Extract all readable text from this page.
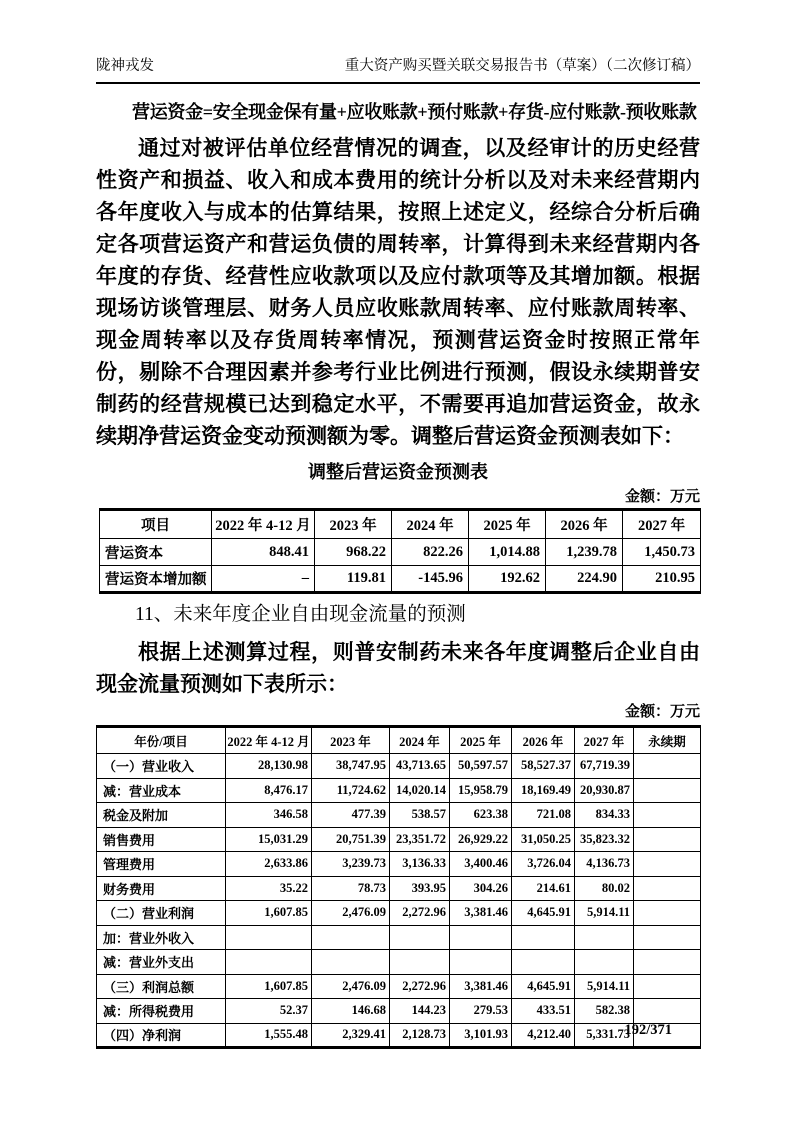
陇神戎发	重大资产购买暨关联交易报告书（草案）（二次修订稿）
营运资金=安全现金保有量+应收账款+预付账款+存货-应付账款-预收账款
通过对被评估单位经营情况的调查，以及经审计的历史经营性资产和损益、收入和成本费用的统计分析以及对未来经营期内各年度收入与成本的估算结果，按照上述定义，经综合分析后确定各项营运资产和营运负债的周转率，计算得到未来经营期内各年度的存货、经营性应收款项以及应付款项等及其增加额。根据现场访谈管理层、财务人员应收账款周转率、应付账款周转率、现金周转率以及存货周转率情况，预测营运资金时按照正常年份，剔除不合理因素并参考行业比例进行预测，假设永续期普安制药的经营规模已达到稳定水平，不需要再追加营运资金，故永续期净营运资金变动预测额为零。调整后营运资金预测表如下：
调整后营运资金预测表
金额：万元
项目	2022 年 4-12 月	2023 年	2024 年	2025 年	2026 年	2027 年
营运资本	848.41	968.22	822.26	1,014.88	1,239.78	1,450.73
营运资本增加额	–	119.81	-145.96	192.62	224.90	210.95
11、未来年度企业自由现金流量的预测
根据上述测算过程，则普安制药未来各年度调整后企业自由现金流量预测如下表所示：
金额：万元
年份/项目	2022 年 4-12 月	2023 年	2024 年	2025 年	2026 年	2027 年	永续期
（一）营业收入	28,130.98	38,747.95	43,713.65	50,597.57	58,527.37	67,719.39	
减：营业成本	8,476.17	11,724.62	14,020.14	15,958.79	18,169.49	20,930.87	
税金及附加	346.58	477.39	538.57	623.38	721.08	834.33	
销售费用	15,031.29	20,751.39	23,351.72	26,929.22	31,050.25	35,823.32	
管理费用	2,633.86	3,239.73	3,136.33	3,400.46	3,726.04	4,136.73	
财务费用	35.22	78.73	393.95	304.26	214.61	80.02	
（二）营业利润	1,607.85	2,476.09	2,272.96	3,381.46	4,645.91	5,914.11	
加：营业外收入							
减：营业外支出							
（三）利润总额	1,607.85	2,476.09	2,272.96	3,381.46	4,645.91	5,914.11	
减：所得税费用	52.37	146.68	144.23	279.53	433.51	582.38	
（四）净利润	1,555.48	2,329.41	2,128.73	3,101.93	4,212.40	5,331.73	
192/371
